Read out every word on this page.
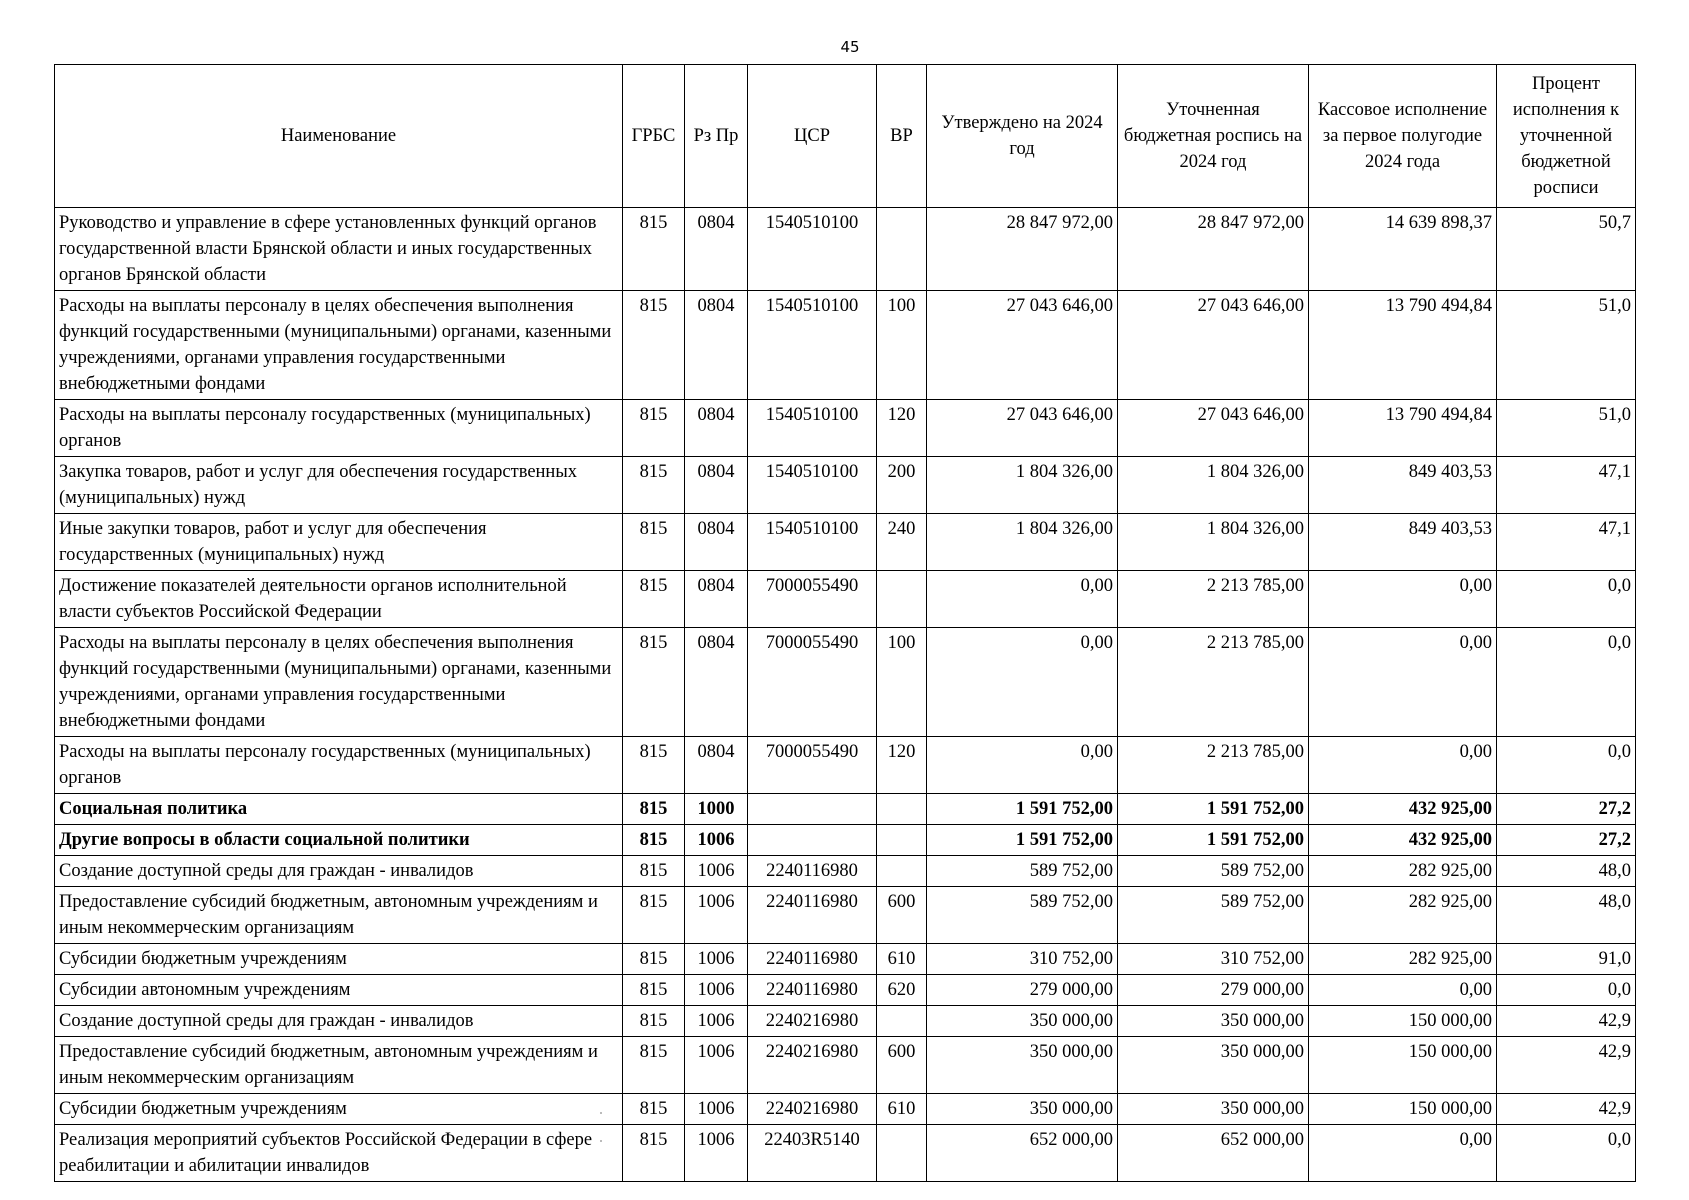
45
Наименование	ГРБС	Рз Пр	ЦСР	ВР	Утверждено на 2024 год	Уточненная бюджетная роспись на 2024 год	Кассовое исполнение за первое полугодие 2024 года	Процент исполнения к уточненной бюджетной росписи
Руководство и управление в сфере установленных функций органов государственной власти Брянской области и иных государственных органов Брянской области	815	0804	1540510100		28 847 972,00	28 847 972,00	14 639 898,37	50,7
Расходы на выплаты персоналу в целях обеспечения выполнения функций государственными (муниципальными) органами, казенными учреждениями, органами управления государственными внебюджетными фондами	815	0804	1540510100	100	27 043 646,00	27 043 646,00	13 790 494,84	51,0
Расходы на выплаты персоналу государственных (муниципальных) органов	815	0804	1540510100	120	27 043 646,00	27 043 646,00	13 790 494,84	51,0
Закупка товаров, работ и услуг для обеспечения государственных (муниципальных) нужд	815	0804	1540510100	200	1 804 326,00	1 804 326,00	849 403,53	47,1
Иные закупки товаров, работ и услуг для обеспечения государственных (муниципальных) нужд	815	0804	1540510100	240	1 804 326,00	1 804 326,00	849 403,53	47,1
Достижение показателей деятельности органов исполнительной власти субъектов Российской Федерации	815	0804	7000055490		0,00	2 213 785,00	0,00	0,0
Расходы на выплаты персоналу в целях обеспечения выполнения функций государственными (муниципальными) органами, казенными учреждениями, органами управления государственными внебюджетными фондами	815	0804	7000055490	100	0,00	2 213 785,00	0,00	0,0
Расходы на выплаты персоналу государственных (муниципальных) органов	815	0804	7000055490	120	0,00	2 213 785,00	0,00	0,0
Социальная политика	815	1000			1 591 752,00	1 591 752,00	432 925,00	27,2
Другие вопросы в области социальной политики	815	1006			1 591 752,00	1 591 752,00	432 925,00	27,2
Создание доступной среды для граждан - инвалидов	815	1006	2240116980		589 752,00	589 752,00	282 925,00	48,0
Предоставление субсидий бюджетным, автономным учреждениям и иным некоммерческим организациям	815	1006	2240116980	600	589 752,00	589 752,00	282 925,00	48,0
Субсидии бюджетным учреждениям	815	1006	2240116980	610	310 752,00	310 752,00	282 925,00	91,0
Субсидии автономным учреждениям	815	1006	2240116980	620	279 000,00	279 000,00	0,00	0,0
Создание доступной среды для граждан - инвалидов	815	1006	2240216980		350 000,00	350 000,00	150 000,00	42,9
Предоставление субсидий бюджетным, автономным учреждениям и иным некоммерческим организациям	815	1006	2240216980	600	350 000,00	350 000,00	150 000,00	42,9
Субсидии бюджетным учреждениям	815	1006	2240216980	610	350 000,00	350 000,00	150 000,00	42,9
Реализация мероприятий субъектов Российской Федерации в сфере реабилитации и абилитации инвалидов	815	1006	22403R5140		652 000,00	652 000,00	0,00	0,0
